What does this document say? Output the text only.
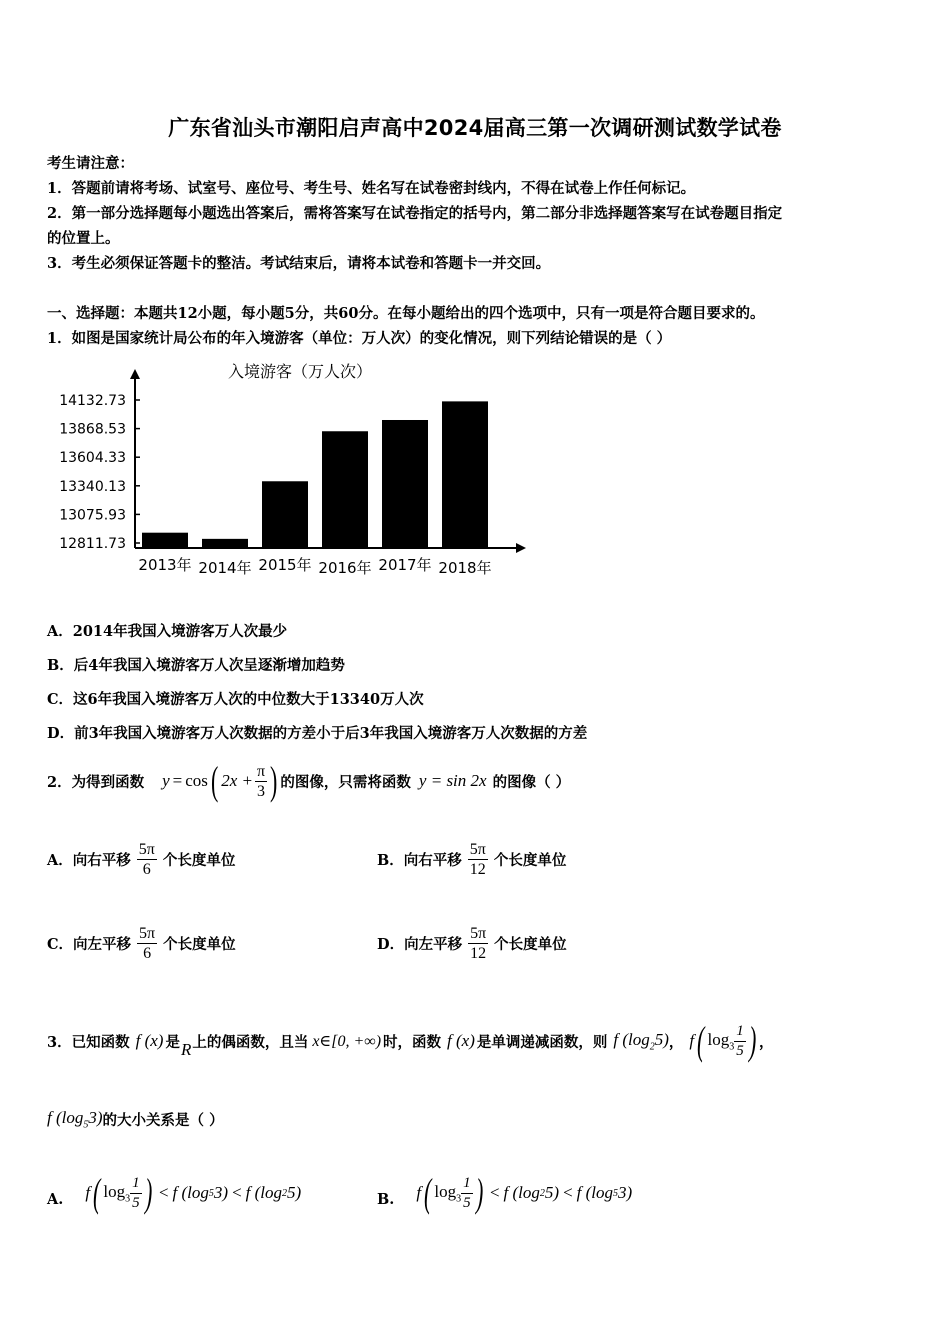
广东省汕头市潮阳启声高中2024届高三第一次调研测试数学试卷
考生请注意：
1．答题前请将考场、试室号、座位号、考生号、姓名写在试卷密封线内，不得在试卷上作任何标记。
2．第一部分选择题每小题选出答案后，需将答案写在试卷指定的括号内，第二部分非选择题答案写在试卷题目指定
的位置上。
3．考生必须保证答题卡的整洁。考试结束后，请将本试卷和答题卡一并交回。
一、选择题：本题共12小题，每小题5分，共60分。在每小题给出的四个选项中，只有一项是符合题目要求的。
1．如图是国家统计局公布的年入境游客（单位：万人次）的变化情况，则下列结论错误的是（ ）
入境游客（万人次）
14132.73
13868.53
13604.33
13340.13
13075.93
12811.73
2013年 2014年 2015年 2016年 2017年 2018年
A．2014年我国入境游客万人次最少
B．后4年我国入境游客万人次呈逐渐增加趋势
C．这6年我国入境游客万人次的中位数大于13340万人次
D．前3年我国入境游客万人次数据的方差小于后3年我国入境游客万人次数据的方差
2．为得到函数 y = cos ( $2x + \frac{\pi}{3}$ ) 的图像，只需将函数 y = sin 2x 的图像（ ）
A．向右平移 $\frac{5\pi}{6}$ 个长度单位	B．向右平移 $\frac{5\pi}{12}$ 个长度单位
C．向左平移 $\frac{5\pi}{6}$ 个长度单位	D．向左平移 $\frac{5\pi}{12}$ 个长度单位
3．已知函数 f (x) 是 R 上的偶函数，且当 x∈[0, +∞) 时，函数 f (x) 是单调递减函数，则 f $(\log_25)$ ， f ( $\log_3 \frac{1}{5}$ ) ，
f $(\log_53)$ 的大小关系是（ ）
A. f ( $\log_3 \frac{1}{5}$ ) < f (log 5 3) < f (log 2 5)	B. f ( $\log_3 \frac{1}{5}$ ) < f (log 2 5) < f (log 5 3)
